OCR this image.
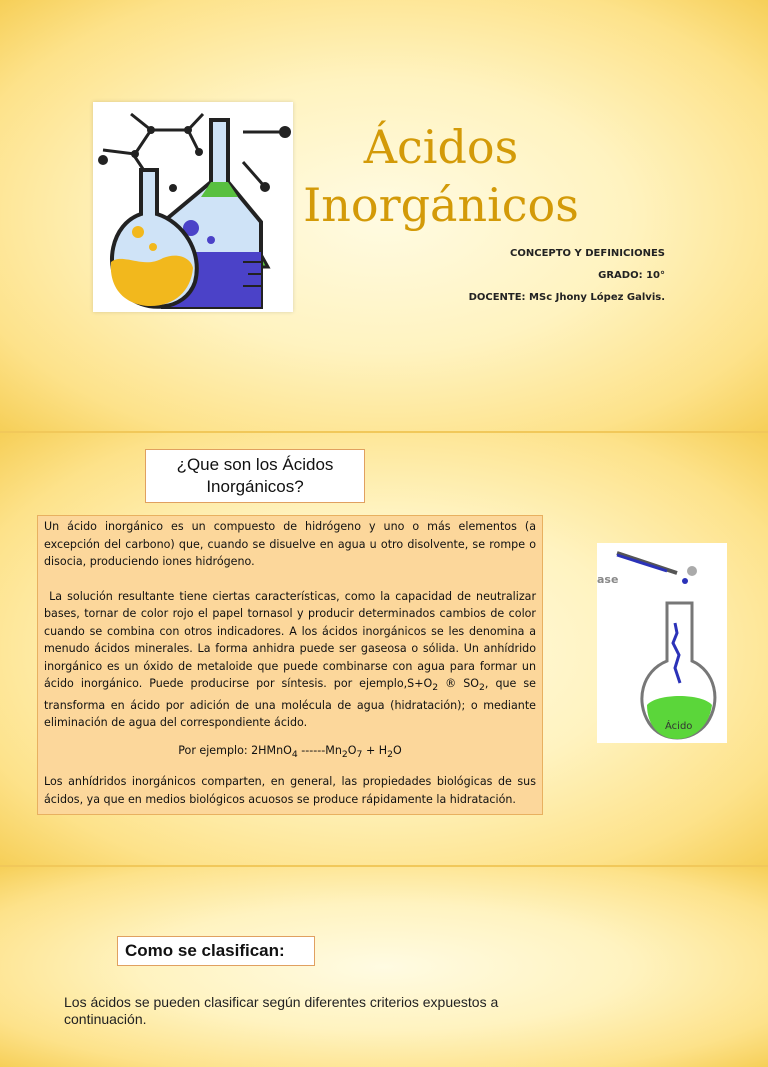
Ácidos
Inorgánicos
CONCEPTO Y DEFINICIONES
GRADO: 10°
DOCENTE: MSc Jhony López Galvis.
¿Que son los Ácidos
Inorgánicos?

Un ácido inorgánico es un compuesto de hidrógeno y uno o más elementos (a excepción del carbono) que, cuando se disuelve en agua u otro disolvente, se rompe o disocia, produciendo iones hidrógeno.

La solución resultante tiene ciertas características, como la capacidad de neutralizar bases, tornar de color rojo el papel tornasol y producir determinados cambios de color cuando se combina con otros indicadores. A los ácidos inorgánicos se les denomina a menudo ácidos minerales. La forma anhidra puede ser gaseosa o sólida. Un anhídrido inorgánico es un óxido de metaloide que puede combinarse con agua para formar un ácido inorgánico. Puede producirse por síntesis. por $ejemplo,S+O_2$ ® $SO_2$, que se transforma en ácido por adición de una molécula de agua (hidratación); o mediante eliminación de agua del correspondiente ácido.

Por ejemplo: 2HMnO$_4$ $------Mn_2O_7 + H_2O$

Los anhídridos inorgánicos comparten, en general, las propiedades biológicas de sus ácidos, ya que en medios biológicos acuosos se produce rápidamente la hidratación.

ase
Ácido
Como se clasifican:
Los ácidos se pueden clasificar según diferentes criterios expuestos a continuación.
